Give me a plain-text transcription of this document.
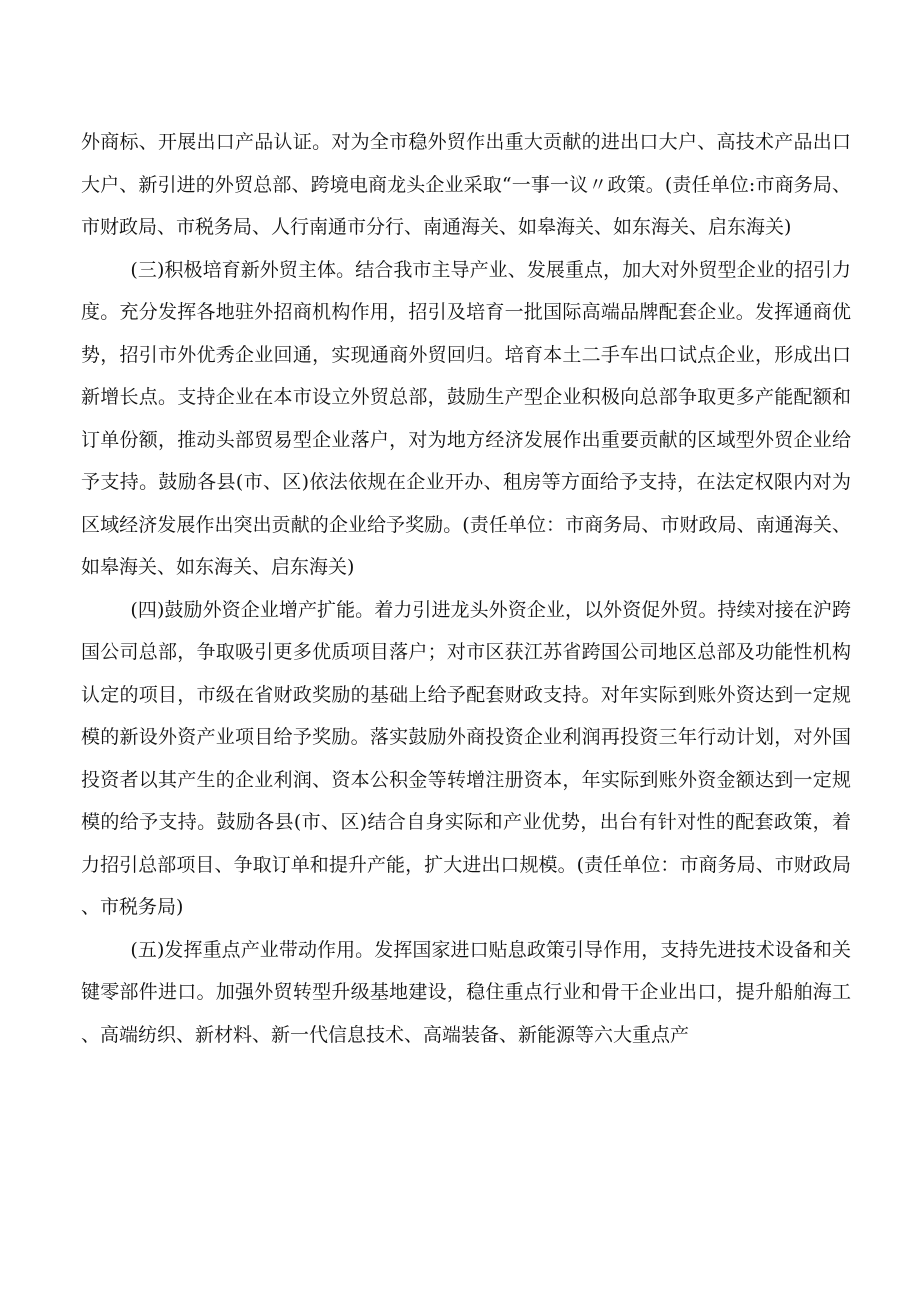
外商标、开展出口产品认证。对为全市稳外贸作出重大贡献的进出口大户、高技术产品出口大户、新引进的外贸总部、跨境电商龙头企业采取“一事一议〃政策。(责任单位:市商务局、市财政局、市税务局、人行南通市分行、南通海关、如皋海关、如东海关、启东海关)

(三)积极培育新外贸主体。结合我市主导产业、发展重点，加大对外贸型企业的招引力度。充分发挥各地驻外招商机构作用，招引及培育一批国际高端品牌配套企业。发挥通商优势，招引市外优秀企业回通，实现通商外贸回归。培育本土二手车出口试点企业，形成出口新增长点。支持企业在本市设立外贸总部，鼓励生产型企业积极向总部争取更多产能配额和订单份额，推动头部贸易型企业落户，对为地方经济发展作出重要贡献的区域型外贸企业给予支持。鼓励各县(市、区)依法依规在企业开办、租房等方面给予支持，在法定权限内对为区域经济发展作出突出贡献的企业给予奖励。(责任单位：市商务局、市财政局、南通海关、如皋海关、如东海关、启东海关)

(四)鼓励外资企业增产扩能。着力引进龙头外资企业，以外资促外贸。持续对接在沪跨国公司总部，争取吸引更多优质项目落户；对市区获江苏省跨国公司地区总部及功能性机构认定的项目，市级在省财政奖励的基础上给予配套财政支持。对年实际到账外资达到一定规模的新设外资产业项目给予奖励。落实鼓励外商投资企业利润再投资三年行动计划，对外国投资者以其产生的企业利润、资本公积金等转增注册资本，年实际到账外资金额达到一定规模的给予支持。鼓励各县(市、区)结合自身实际和产业优势，出台有针对性的配套政策，着力招引总部项目、争取订单和提升产能，扩大进出口规模。(责任单位：市商务局、市财政局、市税务局)

(五)发挥重点产业带动作用。发挥国家进口贴息政策引导作用，支持先进技术设备和关键零部件进口。加强外贸转型升级基地建设，稳住重点行业和骨干企业出口，提升船舶海工、高端纺织、新材料、新一代信息技术、高端装备、新能源等六大重点产
